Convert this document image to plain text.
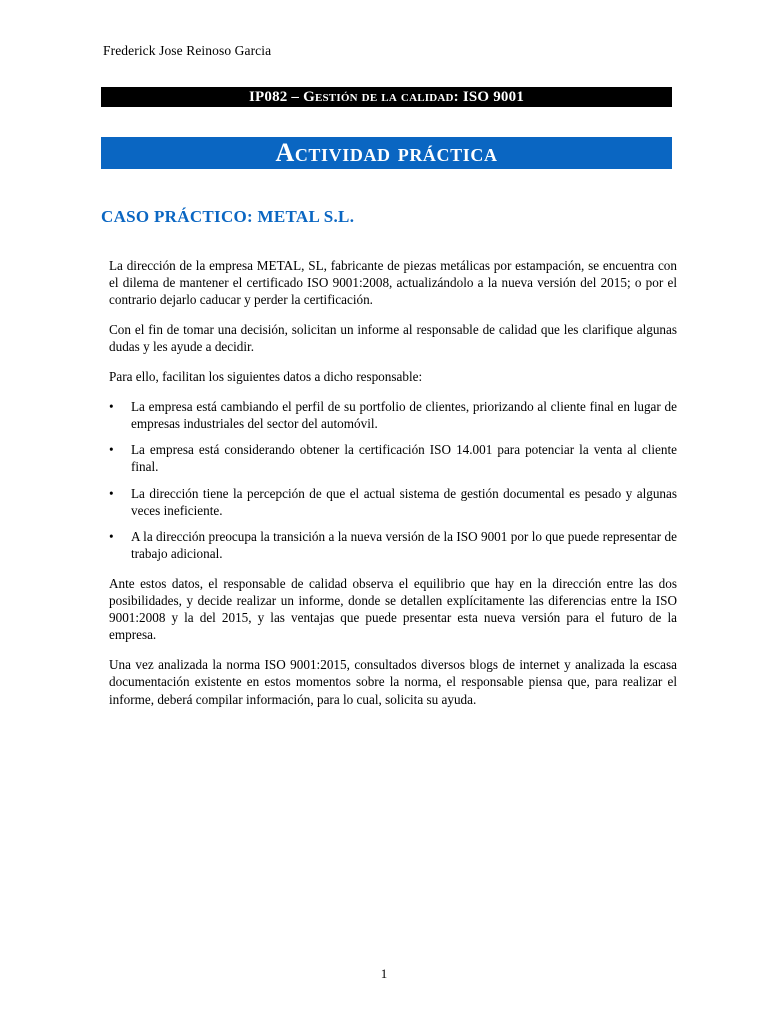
Frederick Jose Reinoso Garcia
IP082 – Gestión de la calidad: ISO 9001
Actividad práctica
CASO PRÁCTICO: METAL S.L.

La dirección de la empresa METAL, SL, fabricante de piezas metálicas por estampación, se encuentra con el dilema de mantener el certificado ISO 9001:2008, actualizándolo a la nueva versión del 2015; o por el contrario dejarlo caducar y perder la certificación.

Con el fin de tomar una decisión, solicitan un informe al responsable de calidad que les clarifique algunas dudas y les ayude a decidir.

Para ello, facilitan los siguientes datos a dicho responsable:

•	La empresa está cambiando el perfil de su portfolio de clientes, priorizando al cliente final en lugar de empresas industriales del sector del automóvil.
•	La empresa está considerando obtener la certificación ISO 14.001 para potenciar la venta al cliente final.
•	La dirección tiene la percepción de que el actual sistema de gestión documental es pesado y algunas veces ineficiente.
•	A la dirección preocupa la transición a la nueva versión de la ISO 9001 por lo que puede representar de trabajo adicional.

Ante estos datos, el responsable de calidad observa el equilibrio que hay en la dirección entre las dos posibilidades, y decide realizar un informe, donde se detallen explícitamente las diferencias entre la ISO 9001:2008 y la del 2015, y las ventajas que puede presentar esta nueva versión para el futuro de la empresa.

Una vez analizada la norma ISO 9001:2015, consultados diversos blogs de internet y analizada la escasa documentación existente en estos momentos sobre la norma, el responsable piensa que, para realizar el informe, deberá compilar información, para lo cual, solicita su ayuda.

1
